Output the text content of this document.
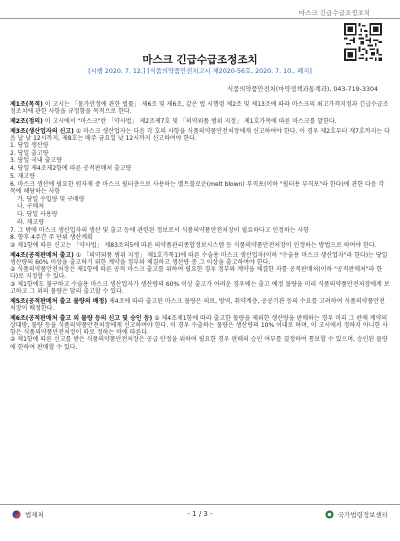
마스크 긴급수급조정조치
마스크 긴급수급조정조치
[시행 2020. 7. 12.] [식품의약품안전처고시 제2020-56호, 2020. 7. 10., 폐지]
식품의약품안전처(마약정책과통계과), 043-719-3304
제1조(목적) 이 고시는 「물가안정에 관한 법률」 제6조 및 제6조, 같은 법 시행령 제2조 및 제13조에 따라 마스크의 최고가격지정과 긴급수급조정조치에 관한 사항을 규정함을 목적으로 한다.
제2조(정의) 이 고시에서 "마스크"란 「약사법」 제2조제7호 및 「의약외품 범위 지정」 제1호가목에 따른 마스크를 말한다.
제3조(생산업자의 신고) ① 마스크 생산업자는 다음 각 호의 사항을 식품의약품안전처장에게 신고하여야 한다. 이 경우 제2호부터 제7호까지는 다음 날 낮 12시까지, 제8호는 매주 금요일 낮 12시까지 신고하여야 한다.
1. 당일 생산량
2. 당일 출고량
3. 당일 국내 출고량
4. 당일 제4조제2항에 따른 공적판매처 출고량
5. 재고량
6. 마스크 생산에 필요한 원자재 중 마스크 필터층으로 사용하는 멜트블로운(melt blown) 부직포(이하 "필터용 부직포"라 한다)에 관한 다음 각 목에 해당하는 사항
가. 당일 수입량 및 구매량
나. 구매처
다. 당일 사용량
라. 재고량
7. 그 밖에 마스크 생산업자의 생산 및 출고 등에 관련된 정보로서 식품의약품안전처장이 필요하다고 인정하는 사항
8. 향후 4주간 주 단위 생산계획
② 제1항에 따른 신고는 「약사법」 제83조의5에 따른 의약품관리종합정보시스템 등 식품의약품안전처장이 인정하는 방법으로 하여야 한다.
제4조(공적판매처 출고) ① 「의약외품 범위 지정」 제1호가목1)에 따른 수술용 마스크 생산업자(이하 "수술용 마스크 생산업자"라 한다)는 당일 생산량의 60% 이상을 출고하기 위한 계약을 정부와 체결하고 생산량 중 그 이상을 출고하여야 한다.
② 식품의약품안전처장은 제1항에 따른 공적 마스크 출고를 위하여 필요한 경우 정부와 계약을 체결한 자를 공적판매처(이하 "공적판매처"라 한다)로 지정할 수 있다.
③ 제1항에도 불구하고 수술용 마스크 생산업자가 생산량의 60% 이상 출고가 어려운 경우에는 출고 예정 물량을 미리 식품의약품안전처장에게 보고하고 그 외의 물량은 달리 출고할 수 있다.
제5조(공적판매처 출고 물량의 배정) 제4조에 따라 출고된 마스크 물량은 의료, 방역, 취약계층, 공공기관 등의 수요를 고려하여 식품의약품안전처장이 배정한다.
제6조(공적판매처 출고 외 물량 등의 신고 및 승인 등) ① 제4조제1항에 따라 출고한 물량을 제외한 생산량을 판매하는 경우 미리 그 판매 계약의 상대방, 물량 등을 식품의약품안전처장에게 신고하여야 한다. 이 경우 수출하는 물량은 생산량의 10% 이내로 하며, 이 고시에서 정하지 아니한 사항은 식품의약품안전처장이 따로 정하는 바에 따른다.
② 제1항에 따른 신고를 받은 식품의약품안전처장은 공급 안정을 위하여 필요한 경우 판매의 승인 여부를 결정하여 통보할 수 있으며, 승인된 물량에 한하여 판매할 수 있다.
법제처	- 1 / 3 -	국가법령정보센터
